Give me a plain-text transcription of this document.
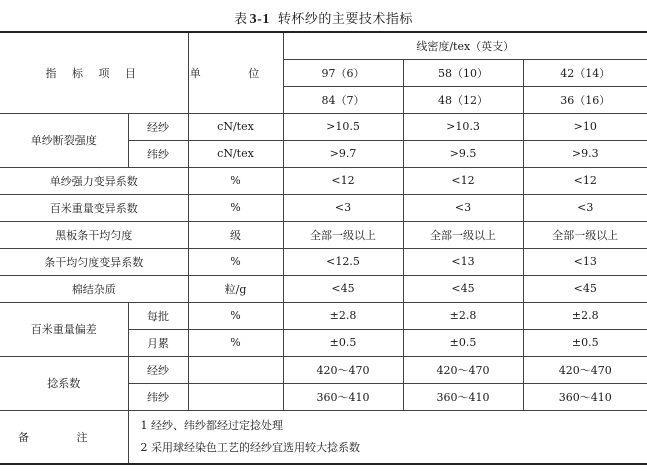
表 3-1 转杯纱的主要技术指标
指 标 项 目		单 位	线密度/tex（英支）		
			97（6）	58（10）	42（14）
			84（7）	48（12）	36（16）
单纱断裂强度	经纱	cN/tex	>10.5	>10.3	>10
	纬纱	cN/tex	>9.7	>9.5	>9.3
单纱强力变异系数		%	<12	<12	<12
百米重量变异系数		%	<3	<3	<3
黑板条干均匀度		级	全部一级以上	全部一级以上	全部一级以上
条干均匀度变异系数		%	<12.5	<13	<13
棉结杂质		粒/g	<45	<45	<45
百米重量偏差	每批	%	±2.8	±2.8	±2.8
	月累	%	±0.5	±0.5	±0.5
捻系数	经纱		420～470	420～470	420～470
	纬纱		360～410	360～410	360～410
备 注	1 经纱、纬纱都经过定捻处理
2 采用球经染色工艺的经纱宜选用较大捻系数				
